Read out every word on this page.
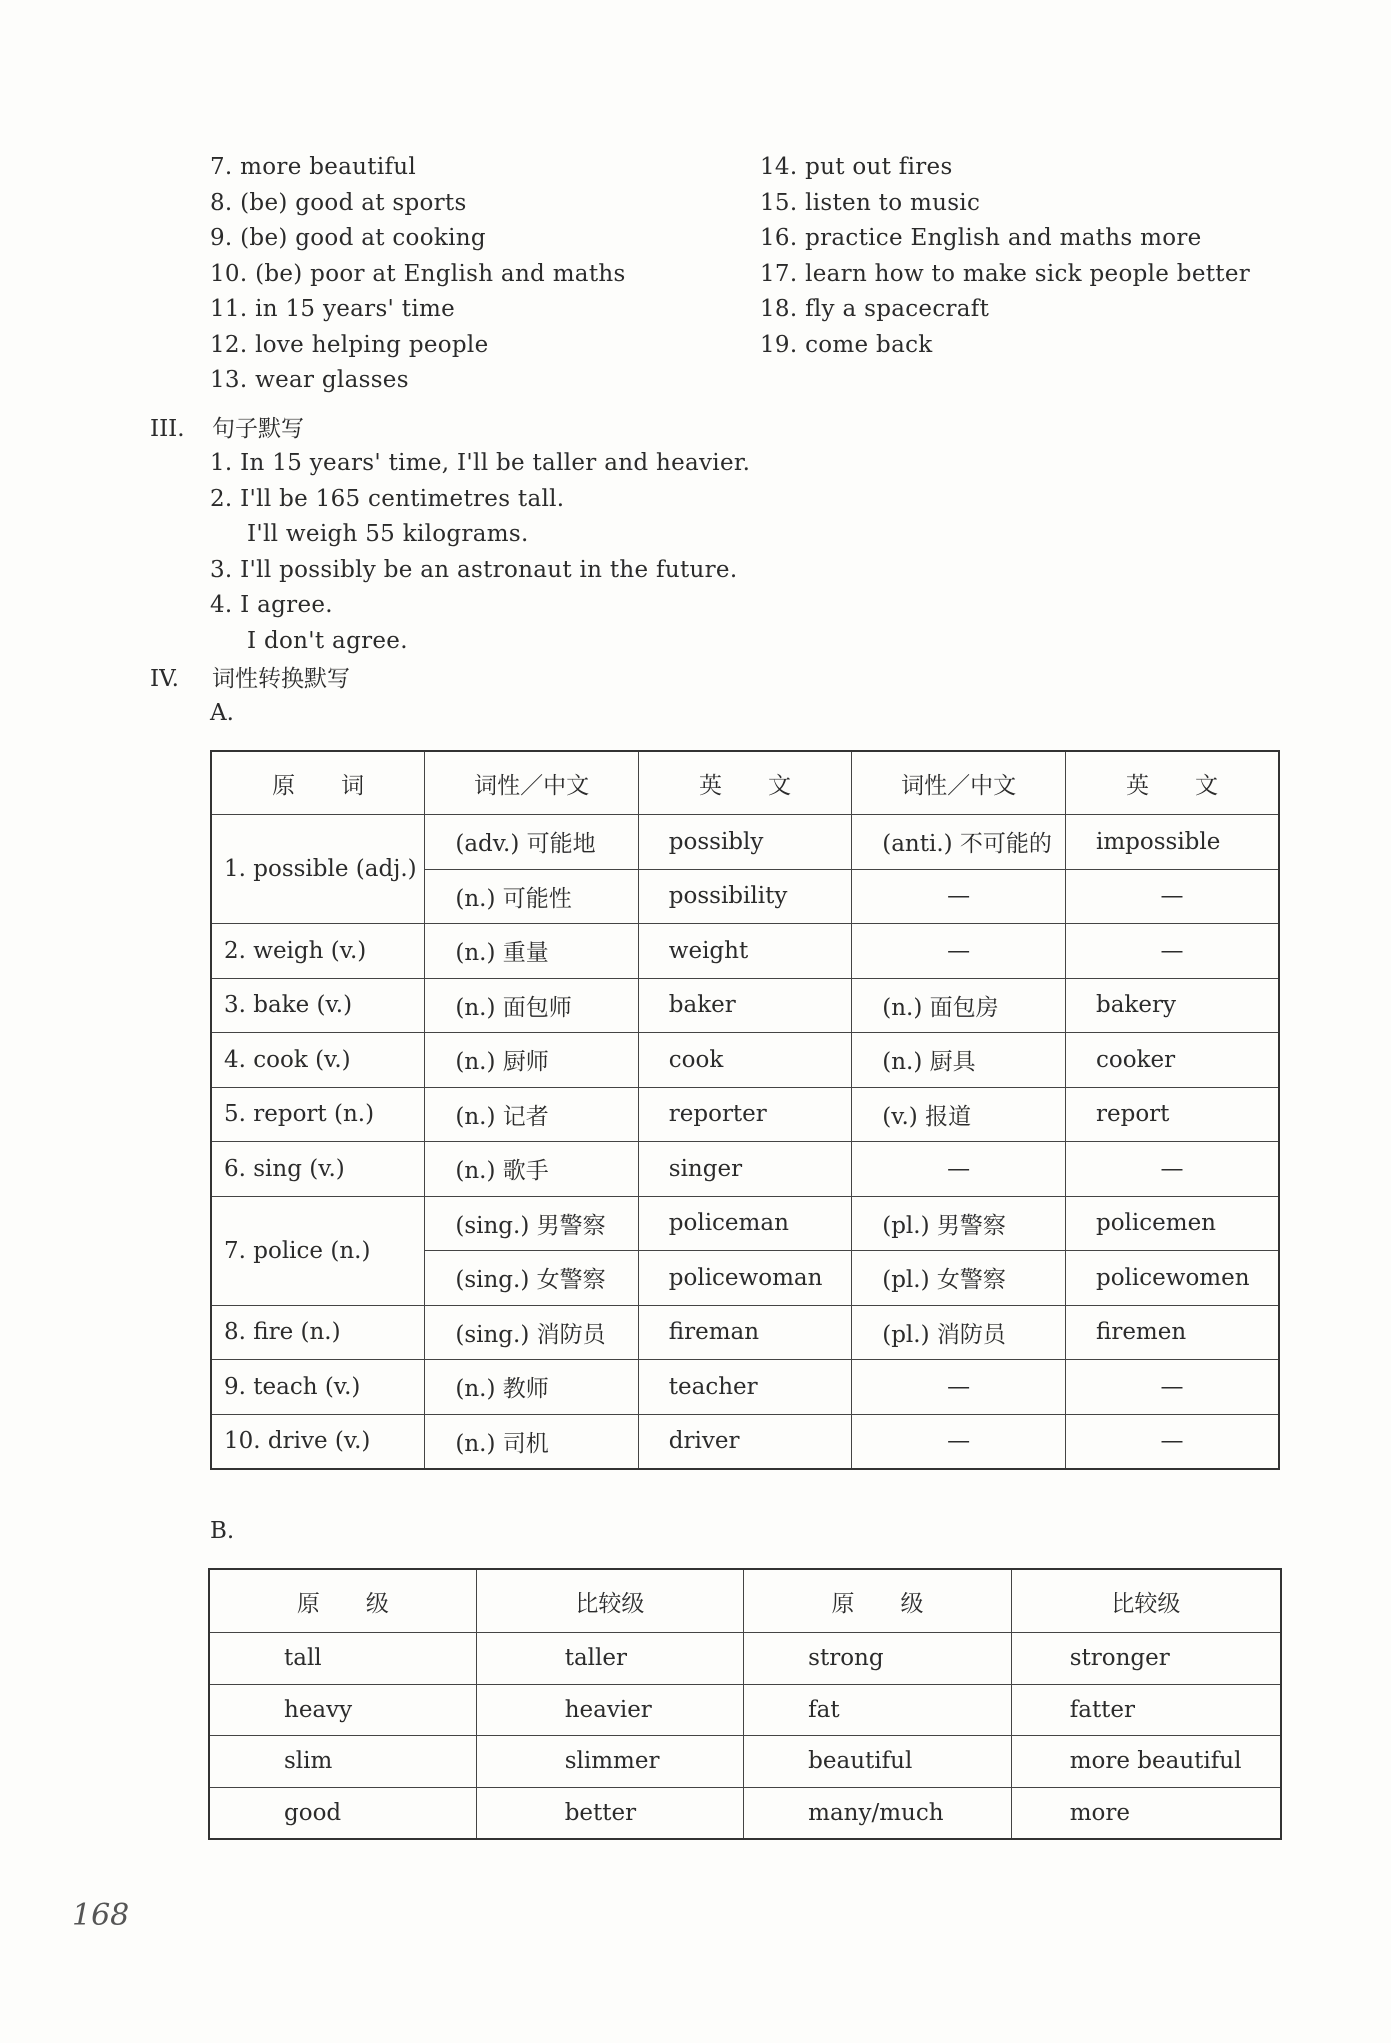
7. more beautiful
8. (be) good at sports
9. (be) good at cooking
10. (be) poor at English and maths
11. in 15 years' time
12. love helping people
13. wear glasses
14. put out fires
15. listen to music
16. practice English and maths more
17. learn how to make sick people better
18. fly a spacecraft
19. come back
III. 句子默写
1. In 15 years' time, I'll be taller and heavier.
2. I'll be 165 centimetres tall.
I'll weigh 55 kilograms.
3. I'll possibly be an astronaut in the future.
4. I agree.
I don't agree.
IV. 词性转换默写
A.
原　　词	词性／中文	英　　文	词性／中文	英　　文
1. possible (adj.)	(adv.) 可能地	possibly	(anti.) 不可能的	impossible
	(n.) 可能性	possibility	—	—
2. weigh (v.)	(n.) 重量	weight	—	—
3. bake (v.)	(n.) 面包师	baker	(n.) 面包房	bakery
4. cook (v.)	(n.) 厨师	cook	(n.) 厨具	cooker
5. report (n.)	(n.) 记者	reporter	(v.) 报道	report
6. sing (v.)	(n.) 歌手	singer	—	—
7. police (n.)	(sing.) 男警察	policeman	(pl.) 男警察	policemen
	(sing.) 女警察	policewoman	(pl.) 女警察	policewomen
8. fire (n.)	(sing.) 消防员	fireman	(pl.) 消防员	firemen
9. teach (v.)	(n.) 教师	teacher	—	—
10. drive (v.)	(n.) 司机	driver	—	—
B.
原　　级	比较级	原　　级	比较级
tall	taller	strong	stronger
heavy	heavier	fat	fatter
slim	slimmer	beautiful	more beautiful
good	better	many/much	more
168
